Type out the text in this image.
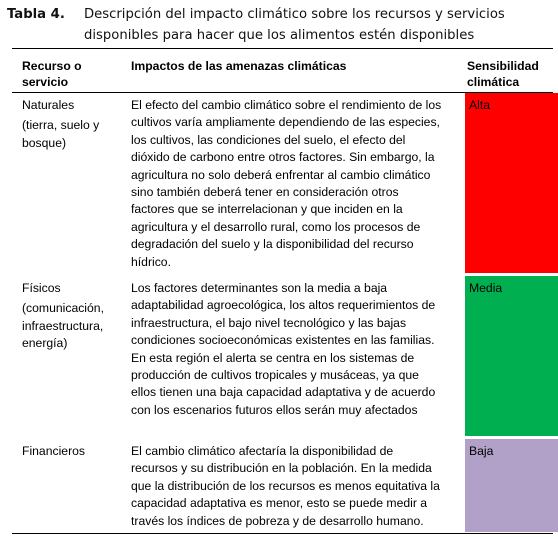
Tabla 4. Descripción del impacto climático sobre los recursos y servicios disponibles para hacer que los alimentos estén disponibles
Recurso o servicio
Impactos de las amenazas climáticas	Sensibilidad climática
Naturales
(tierra, suelo y bosque)
El efecto del cambio climático sobre el rendimiento de los cultivos varía ampliamente dependiendo de las especies, los cultivos, las condiciones del suelo, el efecto del dióxido de carbono entre otros factores. Sin embargo, la agricultura no solo deberá enfrentar al cambio climático sino también deberá tener en consideración otros factores que se interrelacionan y que inciden en la agricultura y el desarrollo rural, como los procesos de degradación del suelo y la disponibilidad del recurso hídrico.
Alta
Físicos
(comunicación, infraestructura, energía)
Los factores determinantes son la media a baja adaptabilidad agroecológica, los altos requerimientos de infraestructura, el bajo nivel tecnológico y las bajas condiciones socioeconómicas existentes en las familias. En esta región el alerta se centra en los sistemas de producción de cultivos tropicales y musáceas, ya que ellos tienen una baja capacidad adaptativa y de acuerdo con los escenarios futuros ellos serán muy afectados
Media
Financieros	El cambio climático afectaría la disponibilidad de recursos y su distribución en la población. En la medida que la distribución de los recursos es menos equitativa la capacidad adaptativa es menor, esto se puede medir a través los índices de pobreza y de desarrollo humano.
Baja
